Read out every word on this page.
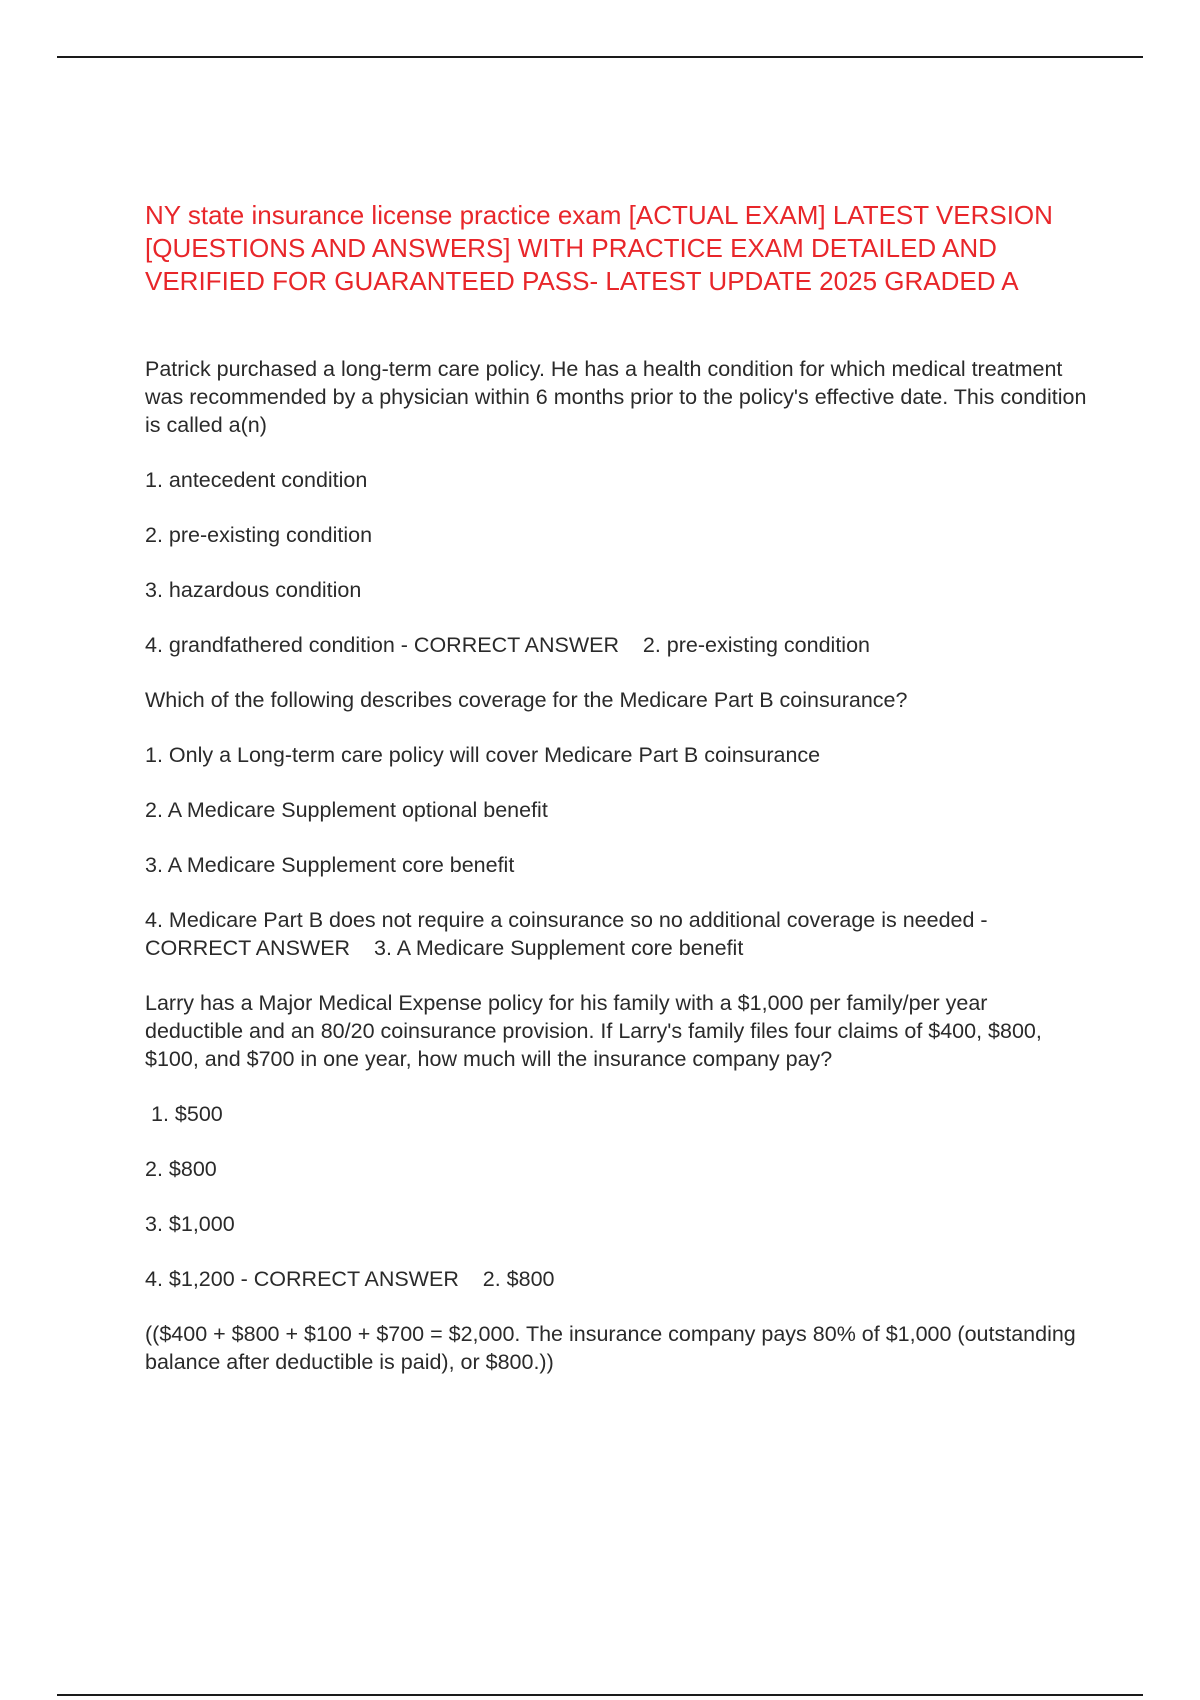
NY state insurance license practice exam [ACTUAL EXAM] LATEST VERSION [QUESTIONS AND ANSWERS] WITH PRACTICE EXAM DETAILED AND VERIFIED FOR GUARANTEED PASS- LATEST UPDATE 2025 GRADED A

Patrick purchased a long-term care policy. He has a health condition for which medical treatment was recommended by a physician within 6 months prior to the policy's effective date. This condition is called a(n)

1. antecedent condition

2. pre-existing condition

3. hazardous condition

4. grandfathered condition - CORRECT ANSWER 2. pre-existing condition

Which of the following describes coverage for the Medicare Part B coinsurance?

1. Only a Long-term care policy will cover Medicare Part B coinsurance

2. A Medicare Supplement optional benefit

3. A Medicare Supplement core benefit

4. Medicare Part B does not require a coinsurance so no additional coverage is needed - CORRECT ANSWER 3. A Medicare Supplement core benefit

Larry has a Major Medical Expense policy for his family with a $1,000 per family/per year deductible and an 80/20 coinsurance provision. If Larry's family files four claims of $400, $800, $100, and $700 in one year, how much will the insurance company pay?

1. $500

2. $800

3. $1,000

4. $1,200 - CORRECT ANSWER 2. $800

(($400 + $800 + $100 + $700 = $2,000. The insurance company pays 80% of $1,000 (outstanding balance after deductible is paid), or $800.))
